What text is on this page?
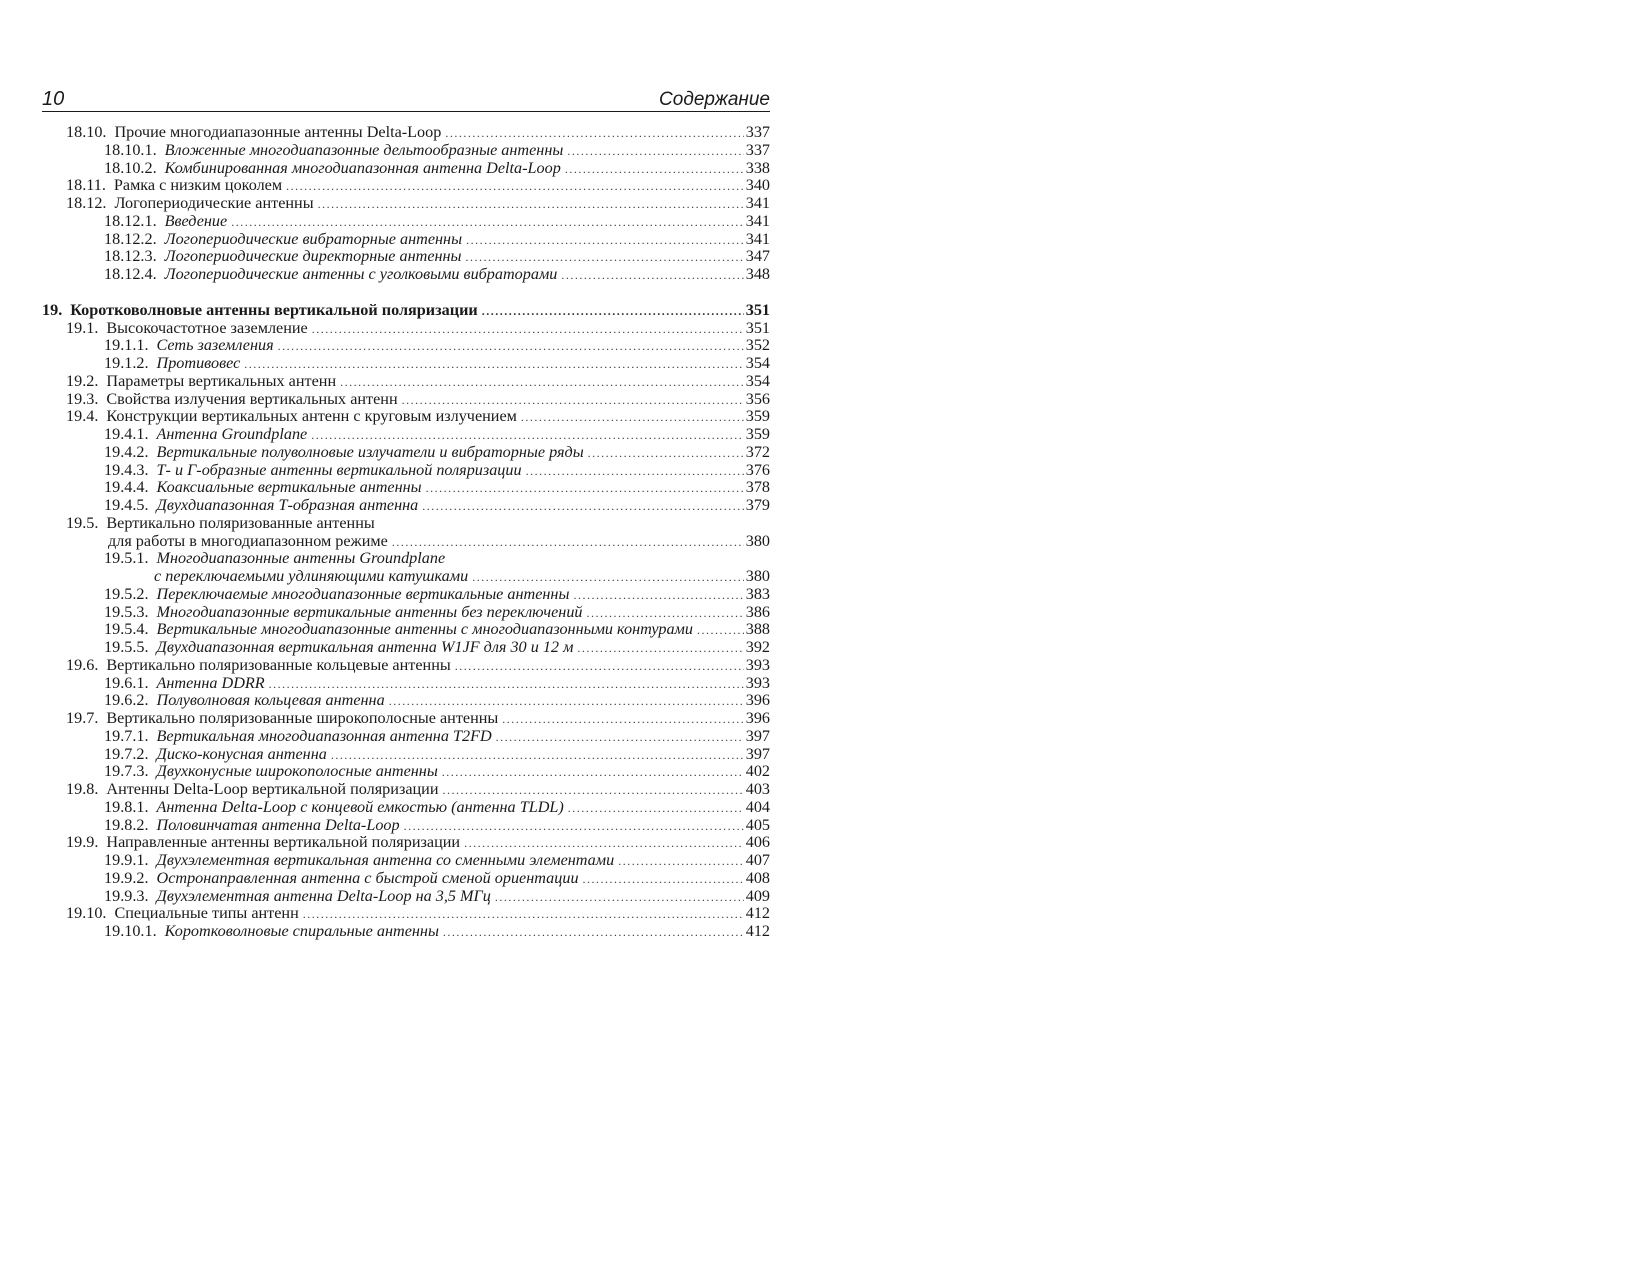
10	Содержание
18.10. Прочие многодиапазонные антенны Delta-Loop .....	337
18.10.1. Вложенные многодиапазонные дельтообразные антенны .....	337
18.10.2. Комбинированная многодиапазонная антенна Delta-Loop .....	338
18.11. Рамка с низким цоколем .....	340
18.12. Логопериодические антенны .....	341
18.12.1. Введение .....	341
18.12.2. Логопериодические вибраторные антенны .....	341
18.12.3. Логопериодические директорные антенны .....	347
18.12.4. Логопериодические антенны с уголковыми вибраторами .....	348
19. Коротковолновые антенны вертикальной поляризации .....	351
19.1. Высокочастотное заземление .....	351
19.1.1. Сеть заземления .....	352
19.1.2. Противовес .....	354
19.2. Параметры вертикальных антенн .....	354
19.3. Свойства излучения вертикальных антенн .....	356
19.4. Конструкции вертикальных антенн с круговым излучением .....	359
19.4.1. Антенна Groundplane .....	359
19.4.2. Вертикальные полуволновые излучатели и вибраторные ряды .....	372
19.4.3. Т- и Г-образные антенны вертикальной поляризации .....	376
19.4.4. Коаксиальные вертикальные антенны .....	378
19.4.5. Двухдиапазонная Т-образная антенна .....	379
19.5. Вертикально поляризованные антенны
для работы в многодиапазонном режиме .....	380
19.5.1. Многодиапазонные антенны Groundplane
с переключаемыми удлиняющими катушками .....	380
19.5.2. Переключаемые многодиапазонные вертикальные антенны .....	383
19.5.3. Многодиапазонные вертикальные антенны без переключений .....	386
19.5.4. Вертикальные многодиапазонные антенны с многодиапазонными контурами .....	388
19.5.5. Двухдиапазонная вертикальная антенна W1JF для 30 и 12 м .....	392
19.6. Вертикально поляризованные кольцевые антенны .....	393
19.6.1. Антенна DDRR .....	393
19.6.2. Полуволновая кольцевая антенна .....	396
19.7. Вертикально поляризованные широкополосные антенны .....	396
19.7.1. Вертикальная многодиапазонная антенна T2FD .....	397
19.7.2. Диско-конусная антенна .....	397
19.7.3. Двухконусные широкополосные антенны .....	402
19.8. Антенны Delta-Loop вертикальной поляризации .....	403
19.8.1. Антенна Delta-Loop с концевой емкостью (антенна TLDL) .....	404
19.8.2. Половинчатая антенна Delta-Loop .....	405
19.9. Направленные антенны вертикальной поляризации .....	406
19.9.1. Двухэлементная вертикальная антенна со сменными элементами .....	407
19.9.2. Остронаправленная антенна с быстрой сменой ориентации .....	408
19.9.3. Двухэлементная антенна Delta-Loop на 3,5 МГц .....	409
19.10. Специальные типы антенн .....	412
19.10.1. Коротковолновые спиральные антенны .....	412
